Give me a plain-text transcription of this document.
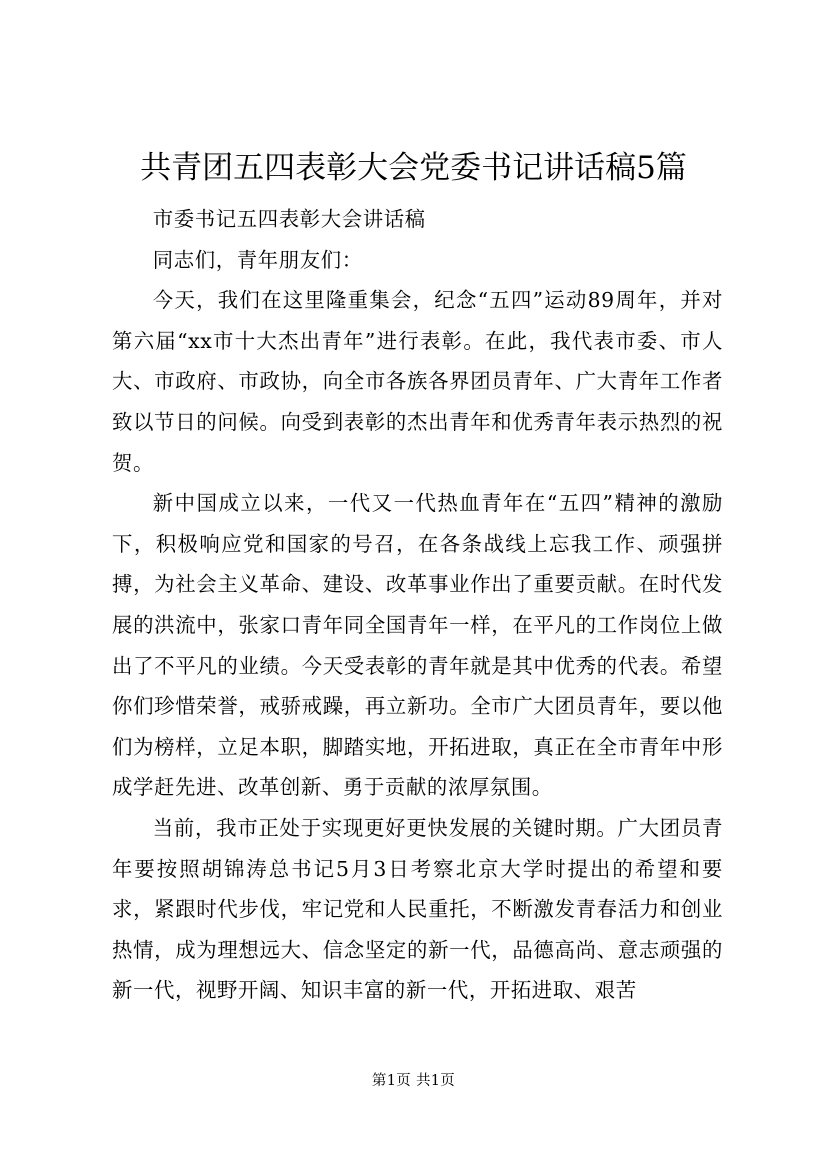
共青团五四表彰大会党委书记讲话稿5篇

市委书记五四表彰大会讲话稿

同志们，青年朋友们：

今天，我们在这里隆重集会，纪念“五四”运动89周年，并对第六届“xx市十大杰出青年”进行表彰。在此，我代表市委、市人大、市政府、市政协，向全市各族各界团员青年、广大青年工作者致以节日的问候。向受到表彰的杰出青年和优秀青年表示热烈的祝贺。

新中国成立以来，一代又一代热血青年在“五四”精神的激励下，积极响应党和国家的号召，在各条战线上忘我工作、顽强拼搏，为社会主义革命、建设、改革事业作出了重要贡献。在时代发展的洪流中，张家口青年同全国青年一样，在平凡的工作岗位上做出了不平凡的业绩。今天受表彰的青年就是其中优秀的代表。希望你们珍惜荣誉，戒骄戒躁，再立新功。全市广大团员青年，要以他们为榜样，立足本职，脚踏实地，开拓进取，真正在全市青年中形成学赶先进、改革创新、勇于贡献的浓厚氛围。

当前，我市正处于实现更好更快发展的关键时期。广大团员青年要按照胡锦涛总书记5月3日考察北京大学时提出的希望和要求，紧跟时代步伐，牢记党和人民重托，不断激发青春活力和创业热情，成为理想远大、信念坚定的新一代，品德高尚、意志顽强的新一代，视野开阔、知识丰富的新一代，开拓进取、艰苦

第1页 共1页
